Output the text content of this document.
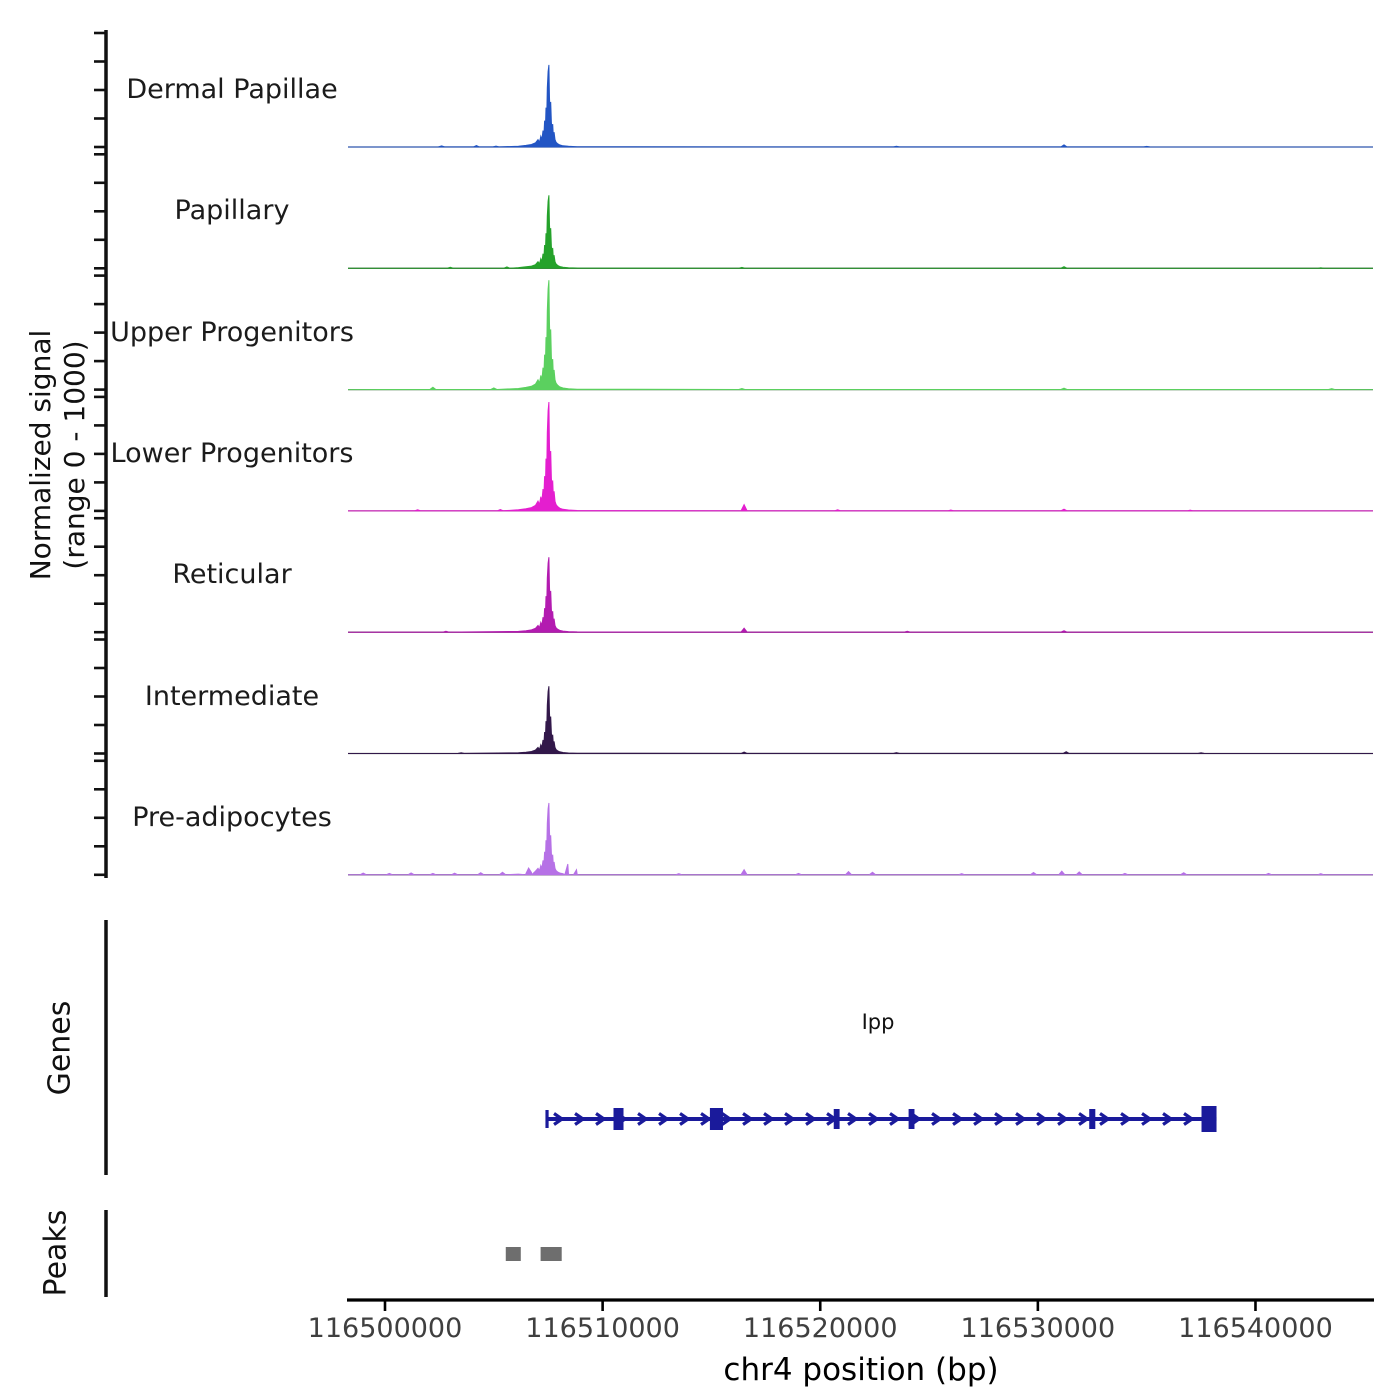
Normalized signal (range 0 - 1000)
Dermal Papillae
Papillary
Upper Progenitors
Lower Progenitors
Reticular
Intermediate
Pre-adipocytes
Genes
Peaks
Ipp
116500000 116510000 116520000 116530000 116540000
chr4 position (bp)
